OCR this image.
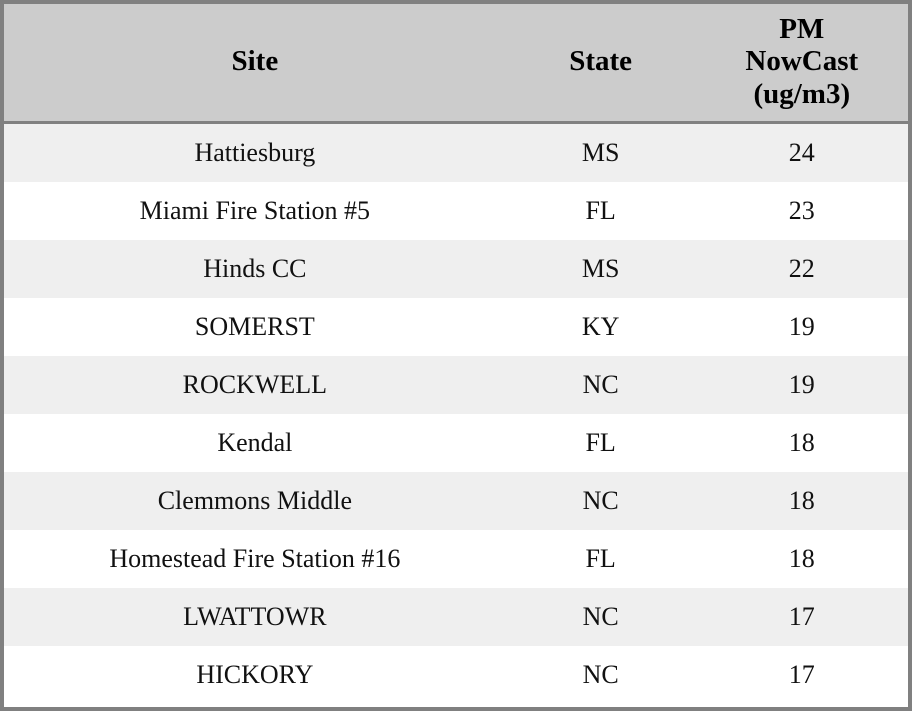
Site	State	PM
NowCast
(ug/m3)

Hattiesburg	MS	24
Miami Fire Station #5	FL	23
Hinds CC	MS	22
SOMERST	KY	19
ROCKWELL	NC	19
Kendal	FL	18
Clemmons Middle	NC	18
Homestead Fire Station #16	FL	18
LWATTOWR	NC	17
HICKORY	NC	17
